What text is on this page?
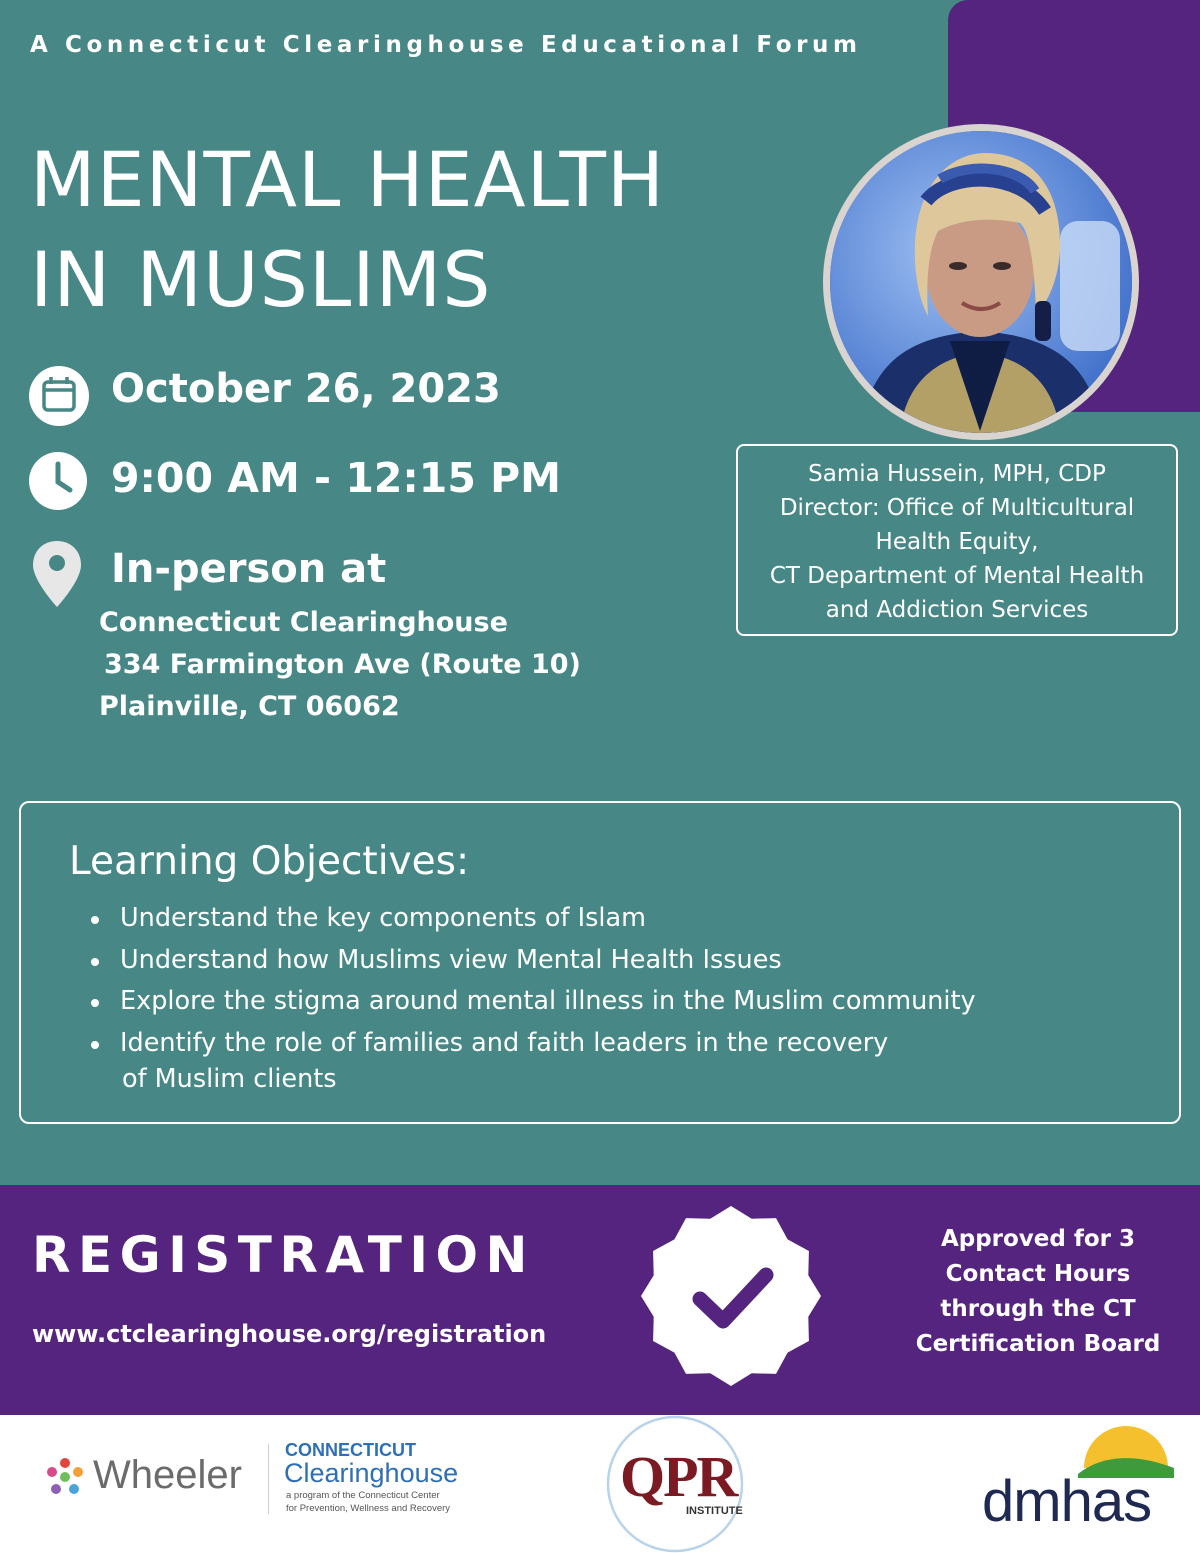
A Connecticut Clearinghouse Educational Forum
MENTAL HEALTH
IN MUSLIMS
October 26, 2023
9:00 AM - 12:15 PM
In-person at
Connecticut Clearinghouse
334 Farmington Ave (Route 10)
Plainville, CT 06062
Samia Hussein, MPH, CDP
Director: Office of Multicultural
Health Equity,
CT Department of Mental Health
and Addiction Services
Learning Objectives:
Understand the key components of Islam
Understand how Muslims view Mental Health Issues
Explore the stigma around mental illness in the Muslim community
Identify the role of families and faith leaders in the recovery
of Muslim clients
REGISTRATION
www.ctclearinghouse.org/registration
Approved for 3
Contact Hours
through the CT
Certification Board
Wheeler
CONNECTICUT
Clearinghouse
a program of the Connecticut Center
for Prevention, Wellness and Recovery	QPR
INSTITUTE	dmhas
